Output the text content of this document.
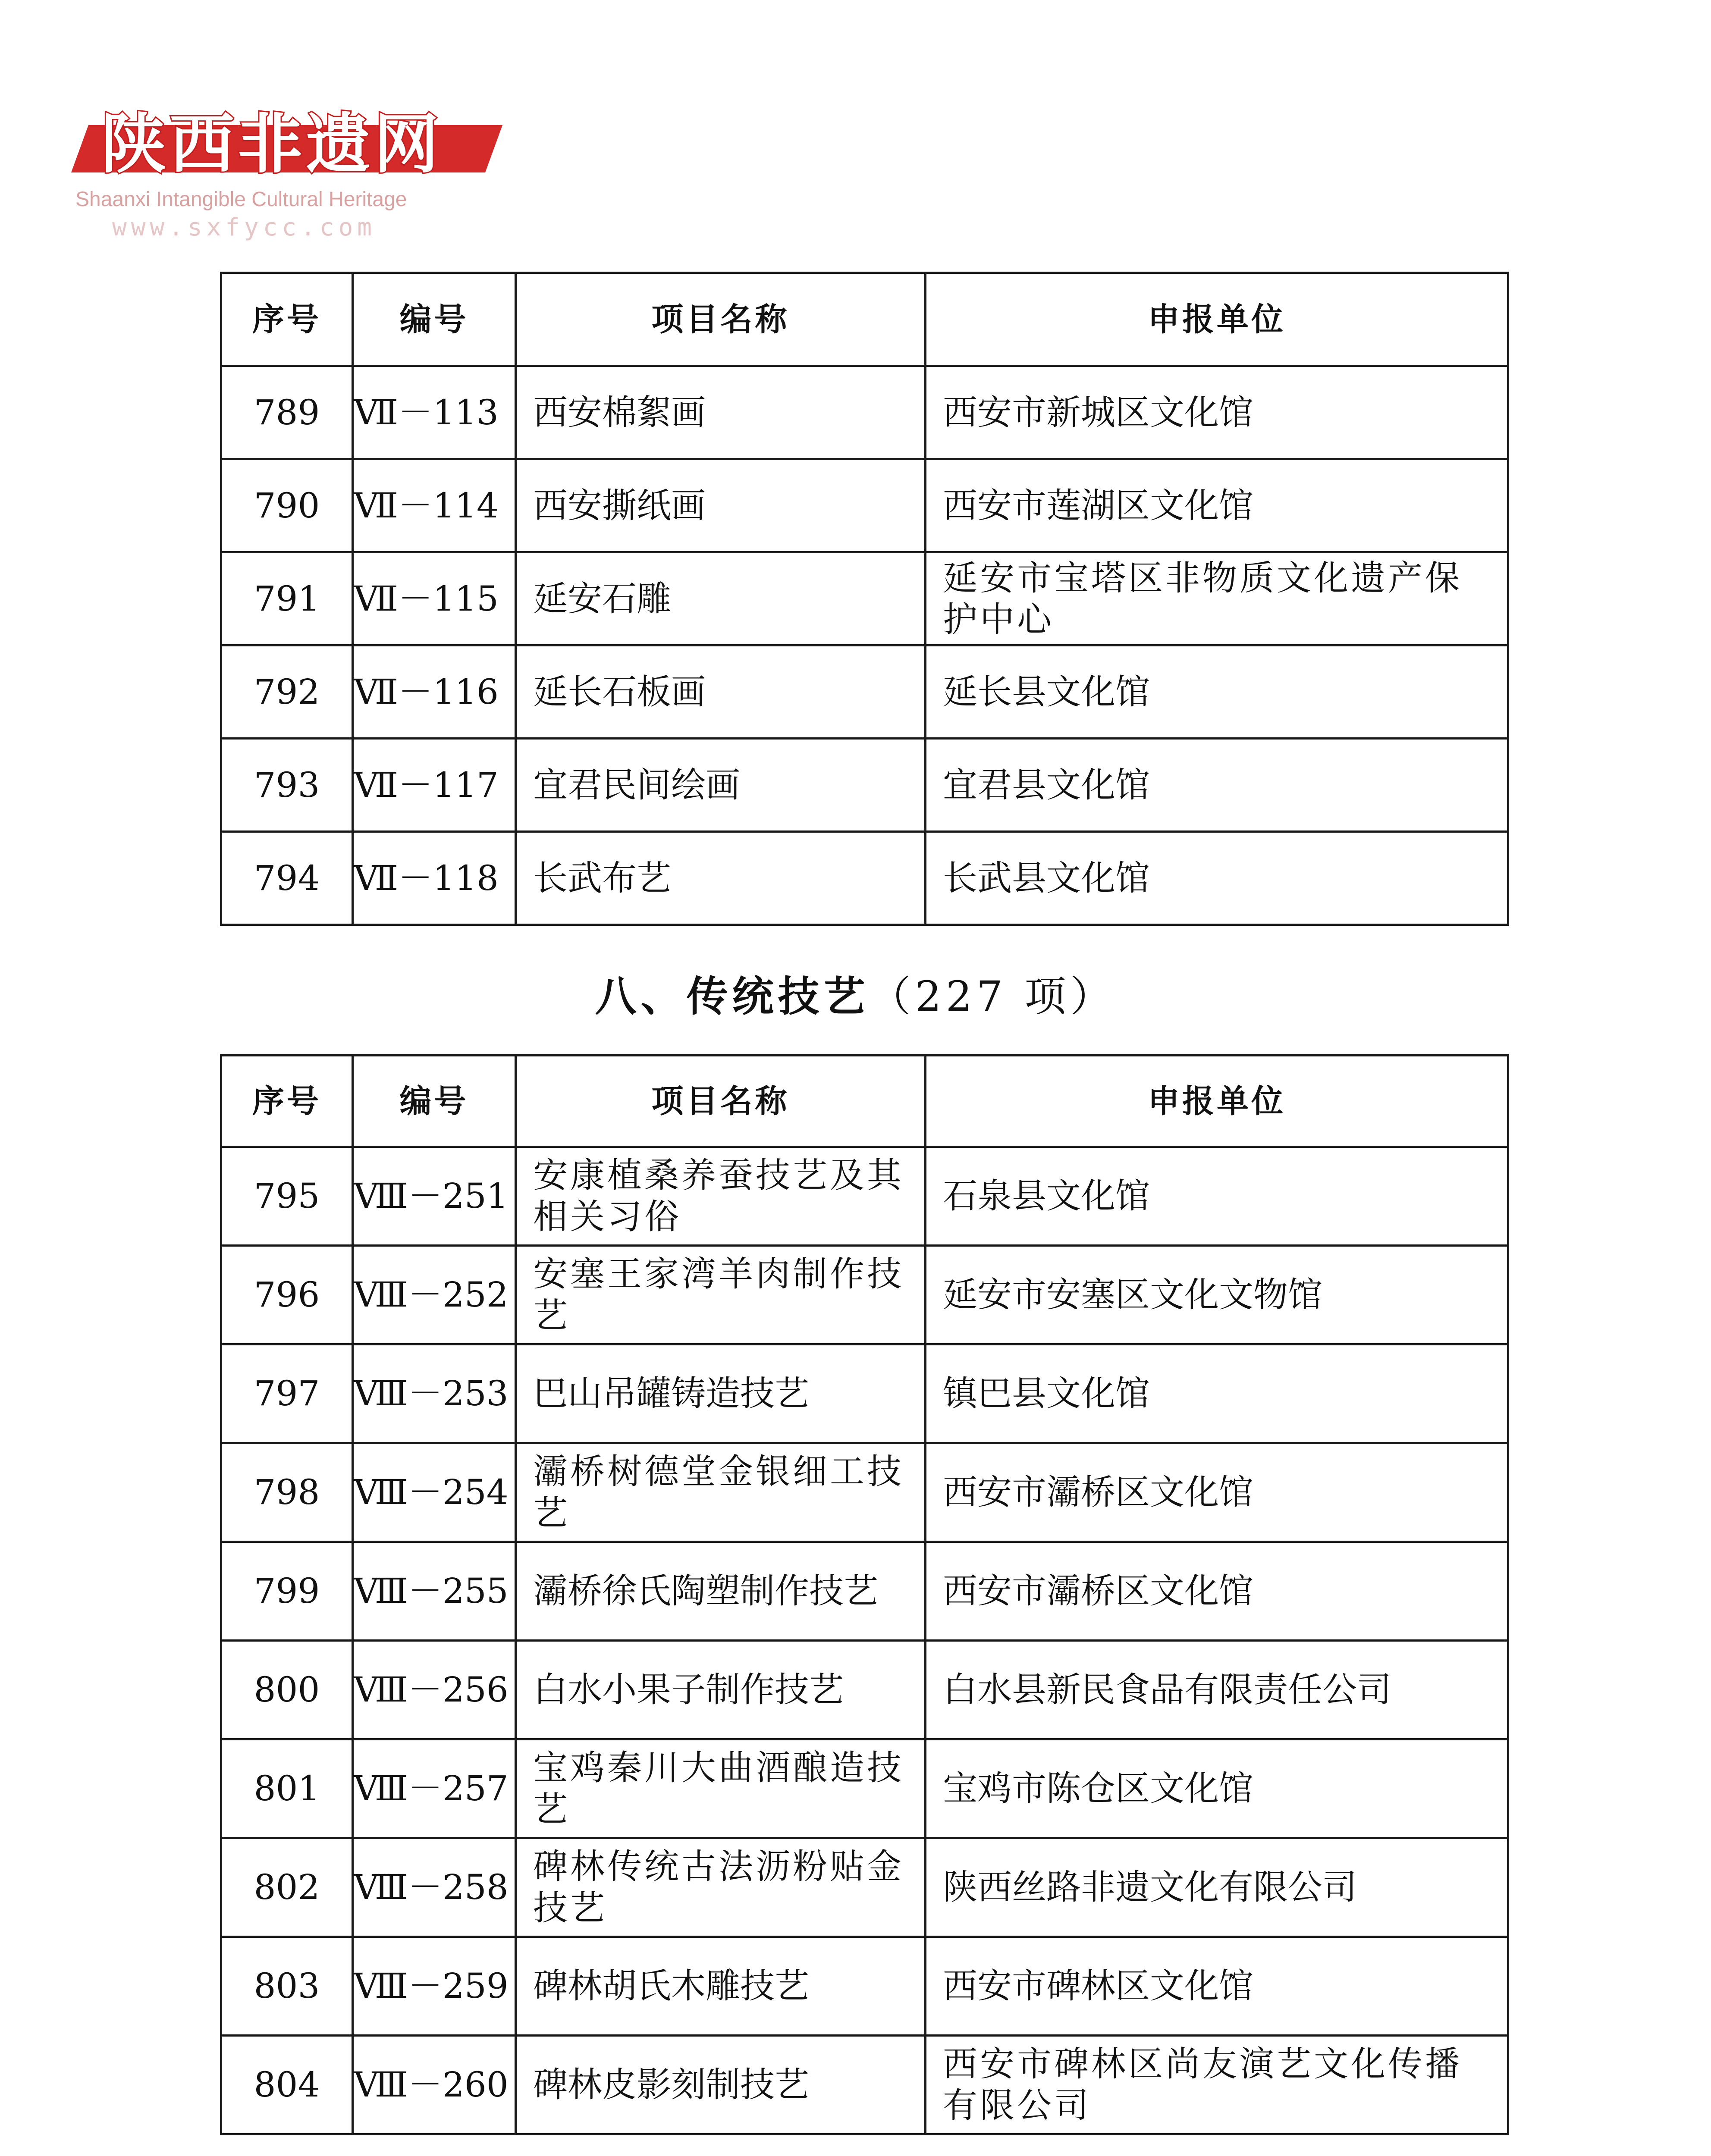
陕西非遗网
Shaanxi Intangible Cultural Heritage
www.sxfycc.com
序号	编号	项目名称	申报单位
789	Ⅶ－113	西安棉絮画	西安市新城区文化馆
790	Ⅶ－114	西安撕纸画	西安市莲湖区文化馆
791	Ⅶ－115	延安石雕	延安市宝塔区非物质文化遗产保护中心
792	Ⅶ－116	延长石板画	延长县文化馆
793	Ⅶ－117	宜君民间绘画	宜君县文化馆
794	Ⅶ－118	长武布艺	长武县文化馆
八、传统技艺（227 项）
序号	编号	项目名称	申报单位
795	Ⅷ－251	安康植桑养蚕技艺及其相关习俗	石泉县文化馆
796	Ⅷ－252	安塞王家湾羊肉制作技艺	延安市安塞区文化文物馆
797	Ⅷ－253	巴山吊罐铸造技艺	镇巴县文化馆
798	Ⅷ－254	灞桥树德堂金银细工技艺	西安市灞桥区文化馆
799	Ⅷ－255	灞桥徐氏陶塑制作技艺	西安市灞桥区文化馆
800	Ⅷ－256	白水小果子制作技艺	白水县新民食品有限责任公司
801	Ⅷ－257	宝鸡秦川大曲酒酿造技艺	宝鸡市陈仓区文化馆
802	Ⅷ－258	碑林传统古法沥粉贴金技艺	陕西丝路非遗文化有限公司
803	Ⅷ－259	碑林胡氏木雕技艺	西安市碑林区文化馆
804	Ⅷ－260	碑林皮影刻制技艺	西安市碑林区尚友演艺文化传播有限公司
